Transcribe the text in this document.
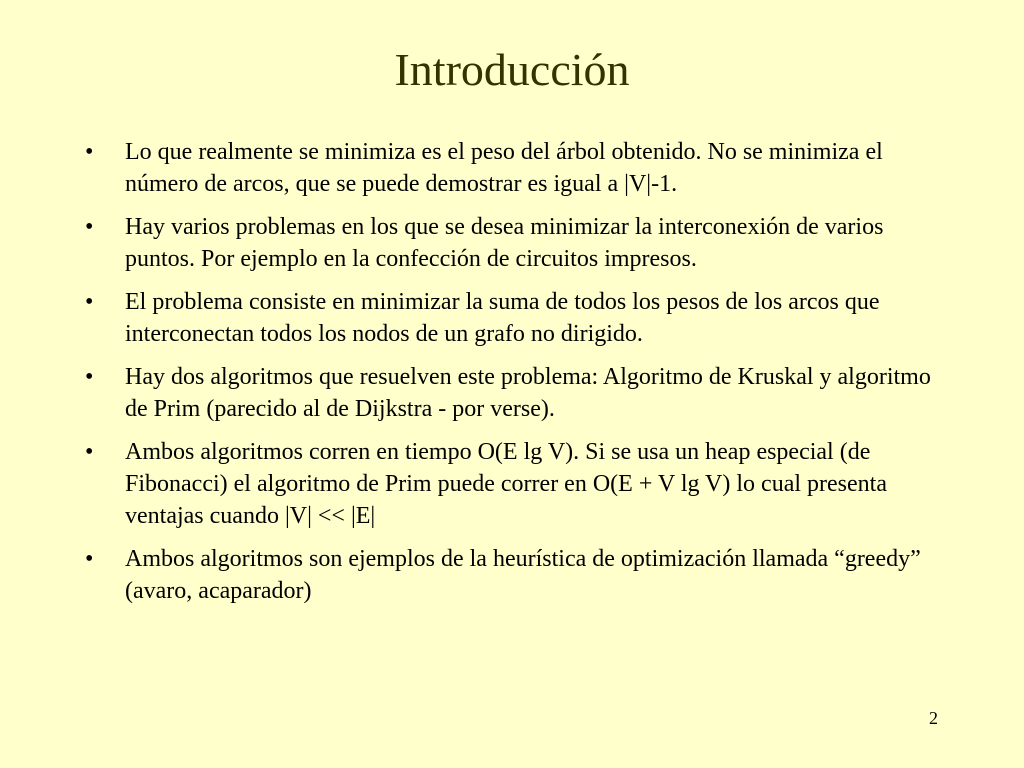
Introducción
•	Lo que realmente se minimiza es el peso del árbol obtenido. No se minimiza el número de arcos, que se puede demostrar es igual a |V|-1.
•	Hay varios problemas en los que se desea minimizar la interconexión de varios puntos. Por ejemplo en la confección de circuitos impresos.
•	El problema consiste en minimizar la suma de todos los pesos de los arcos que interconectan todos los nodos de un grafo no dirigido.
•	Hay dos algoritmos que resuelven este problema: Algoritmo de Kruskal y algoritmo de Prim (parecido al de Dijkstra - por verse).
•	Ambos algoritmos corren en tiempo O(E lg V). Si se usa un heap especial (de Fibonacci) el algoritmo de Prim puede correr en O(E + V lg V) lo cual presenta ventajas cuando |V| << |E|
•	Ambos algoritmos son ejemplos de la heurística de optimización llamada “greedy” (avaro, acaparador)
2
